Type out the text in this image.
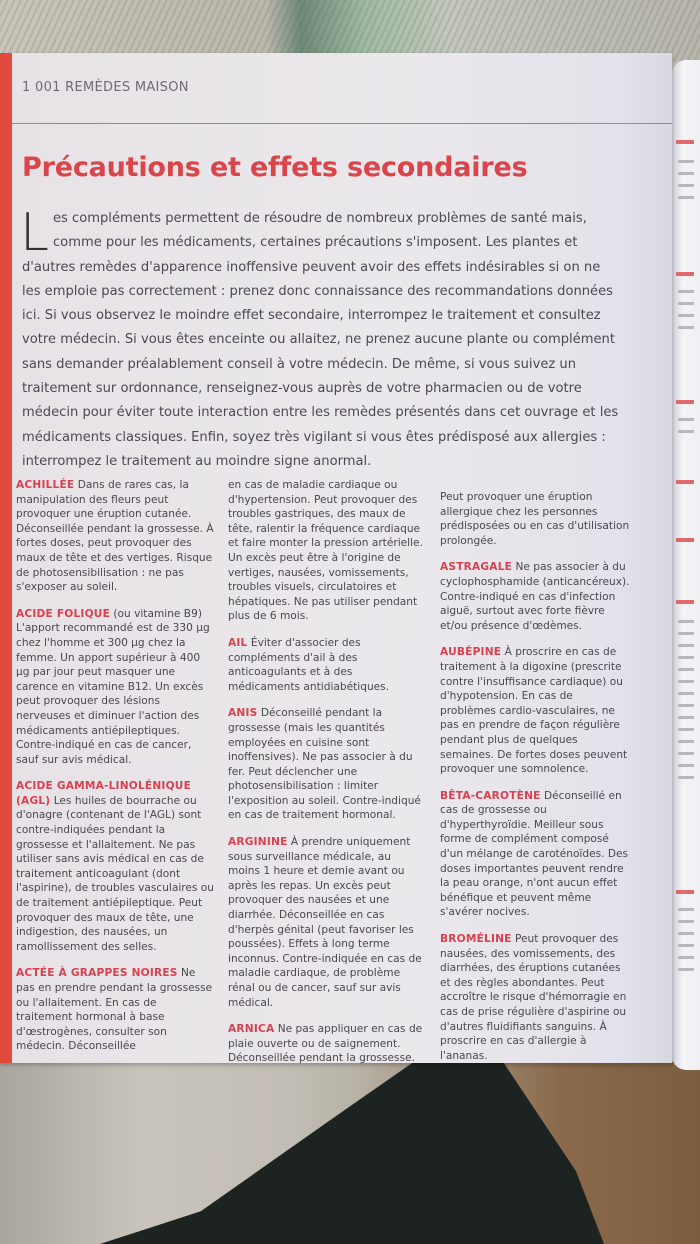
1 001 REMÈDES MAISON
Précautions et effets secondaires
L es compléments permettent de résoudre de nombreux problèmes de santé mais, comme pour les médicaments, certaines précautions s'imposent. Les plantes et d'autres remèdes d'apparence inoffensive peuvent avoir des effets indésirables si on ne les emploie pas correctement : prenez donc connaissance des recommandations données ici. Si vous observez le moindre effet secondaire, interrompez le traitement et consultez votre médecin. Si vous êtes enceinte ou allaitez, ne prenez aucune plante ou complément sans demander préalablement conseil à votre médecin. De même, si vous suivez un traitement sur ordonnance, renseignez-vous auprès de votre pharmacien ou de votre médecin pour éviter toute interaction entre les remèdes présentés dans cet ouvrage et les médicaments classiques. Enfin, soyez très vigilant si vous êtes prédisposé aux allergies : interrompez le traitement au moindre signe anormal.

ACHILLÉE Dans de rares cas, la manipulation des fleurs peut provoquer une éruption cutanée. Déconseillée pendant la grossesse. À fortes doses, peut provoquer des maux de tête et des vertiges. Risque de photosensibilisation : ne pas s'exposer au soleil.

ACIDE FOLIQUE (ou vitamine B9) L'apport recommandé est de 330 µg chez l'homme et 300 µg chez la femme. Un apport supérieur à 400 µg par jour peut masquer une carence en vitamine B12. Un excès peut provoquer des lésions nerveuses et diminuer l'action des médicaments antiépileptiques. Contre-indiqué en cas de cancer, sauf sur avis médical.

ACIDE GAMMA-LINOLÉNIQUE (AGL) Les huiles de bourrache ou d'onagre (contenant de l'AGL) sont contre-indiquées pendant la grossesse et l'allaitement. Ne pas utiliser sans avis médical en cas de traitement anticoagulant (dont l'aspirine), de troubles vasculaires ou de traitement antiépileptique. Peut provoquer des maux de tête, une indigestion, des nausées, un ramollissement des selles.

ACTÉE À GRAPPES NOIRES Ne pas en prendre pendant la grossesse ou l'allaitement. En cas de traitement hormonal à base d'œstrogènes, consulter son médecin. Déconseillée

en cas de maladie cardiaque ou d'hypertension. Peut provoquer des troubles gastriques, des maux de tête, ralentir la fréquence cardiaque et faire monter la pression artérielle. Un excès peut être à l'origine de vertiges, nausées, vomissements, troubles visuels, circulatoires et hépatiques. Ne pas utiliser pendant plus de 6 mois.

AIL Éviter d'associer des compléments d'ail à des anticoagulants et à des médicaments antidiabétiques.

ANIS Déconseillé pendant la grossesse (mais les quantités employées en cuisine sont inoffensives). Ne pas associer à du fer. Peut déclencher une photosensibilisation : limiter l'exposition au soleil. Contre-indiqué en cas de traitement hormonal.

ARGININE À prendre uniquement sous surveillance médicale, au moins 1 heure et demie avant ou après les repas. Un excès peut provoquer des nausées et une diarrhée. Déconseillée en cas d'herpès génital (peut favoriser les poussées). Effets à long terme inconnus. Contre-indiquée en cas de maladie cardiaque, de problème rénal ou de cancer, sauf sur avis médical.

ARNICA Ne pas appliquer en cas de plaie ouverte ou de saignement. Déconseillée pendant la grossesse.

Peut provoquer une éruption allergique chez les personnes prédisposées ou en cas d'utilisation prolongée.

ASTRAGALE Ne pas associer à du cyclophosphamide (anticancéreux). Contre-indiqué en cas d'infection aiguë, surtout avec forte fièvre et/ou présence d'œdèmes.

AUBÉPINE À proscrire en cas de traitement à la digoxine (prescrite contre l'insuffisance cardiaque) ou d'hypotension. En cas de problèmes cardio-vasculaires, ne pas en prendre de façon régulière pendant plus de quelques semaines. De fortes doses peuvent provoquer une somnolence.

BÊTA-CAROTÈNE Déconseillé en cas de grossesse ou d'hyperthyroïdie. Meilleur sous forme de complément composé d'un mélange de caroténoïdes. Des doses importantes peuvent rendre la peau orange, n'ont aucun effet bénéfique et peuvent même s'avérer nocives.

BROMÉLINE Peut provoquer des nausées, des vomissements, des diarrhées, des éruptions cutanées et des règles abondantes. Peut accroître le risque d'hémorragie en cas de prise régulière d'aspirine ou d'autres fluidifiants sanguins. À proscrire en cas d'allergie à l'ananas.
